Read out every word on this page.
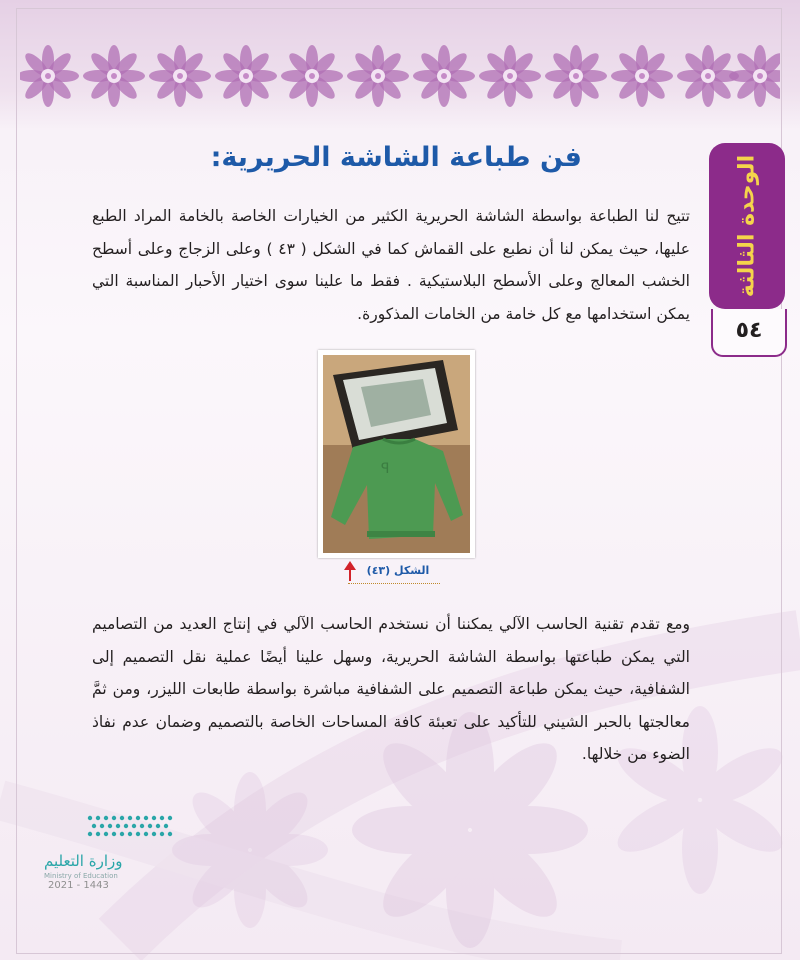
فن طباعة الشاشة الحريرية:	الوحدة الثالثة
٥٤
تتيح لنا الطباعة بواسطة الشاشة الحريرية الكثير من الخيارات الخاصة بالخامة المراد الطبع عليها، حيث يمكن لنا أن نطبع على القماش كما في الشكل ( ٤٣ ) وعلى الزجاج وعلى أسطح الخشب المعالج وعلى الأسطح البلاستيكية . فقط ما علينا سوى اختيار الأحبار المناسبة التي يمكن استخدامها مع كل خامة من الخامات المذكورة.
ꟼ
الشكل (٤٣)
ومع تقدم تقنية الحاسب الآلي يمكننا أن نستخدم الحاسب الآلي في إنتاج العديد من التصاميم التي يمكن طباعتها بواسطة الشاشة الحريرية، وسهل علينا أيضًا عملية نقل التصميم إلى الشفافية، حيث يمكن طباعة التصميم على الشفافية مباشرة بواسطة طابعات الليزر، ومن ثمَّ معالجتها بالحبر الشيني للتأكيد على تعبئة كافة المساحات الخاصة بالتصميم وضمان عدم نفاذ الضوء من خلالها.
وزارة التعليم
Ministry of Education
2021 - 1443
